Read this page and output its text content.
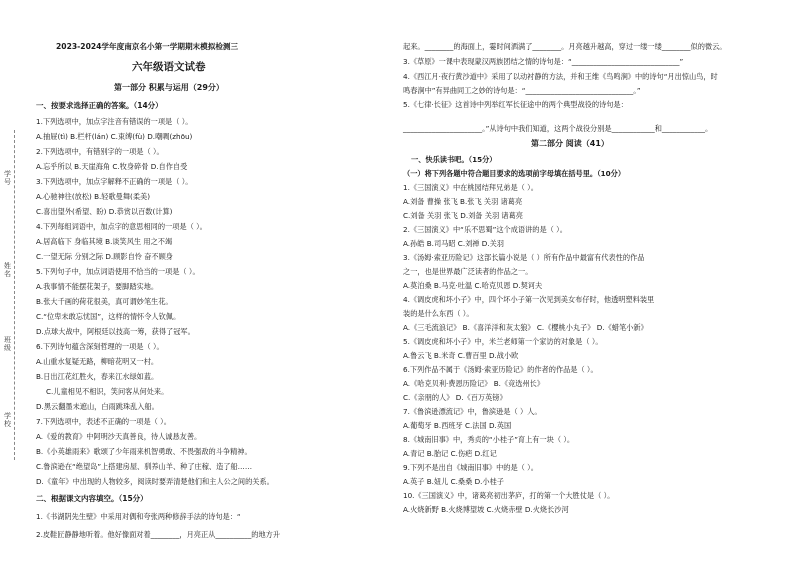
学号
姓名
班级
学校
2023-2024学年度南京名小第一学期期末模拟检测三
六年级语文试卷
第一部分 积累与运用（29分）
一、按要求选择正确的答案。（14分）
1.下列选项中，加点字注音有错误的一项是（ ）。
A.抽屉(tì) B.栏杆(lán) C.束缚(fù) D.嘲啁(zhōu)
2.下列选项中，有错别字的一项是（ ）。
A.忘乎所以 B.天崖海角 C.牧身碎骨 D.自作自受
3.下列选项中，加点字解释不正确的一项是（ ）。
A.心驰神往(放松) B.轻歌曼舞(柔美)
C.喜出望外(希望、盼) D.恭赏以百数(计算)
4.下列每组词语中，加点字的意思相同的一项是（ ）。
A.居高临下 身临其境 B.谈笑风生 用之不竭
C.一望无际 分别之际 D.顾影自怜 奋不顾身
5.下列句子中，加点词语使用不恰当的一项是（ ）。
A.我事情不能摆花架子，要脚踏实地。
B.张大千画的荷花很美，真可谓妙笔生花。
C.“位卑未敢忘忧国”，这样的情怀令人钦佩。
D.点球大战中，阿根廷以技高一筹，获得了冠军。
6.下列诗句蕴含深刻哲理的一项是（ ）。
A.山重水复疑无路，柳暗花明又一村。
B.日出江花红胜火，春来江水绿如蓝。
C.儿童相见不相识，笑问客从何处来。
D.黑云翻墨未遮山，白雨跳珠乱入船。
7.下列选项中，表述不正确的一项是（ ）。
A.《爱的教育》中阿明沙天真善良，待人诚恳友善。
B.《小英雄雨来》歌颂了少年雨来机智勇敢、不畏强敌的斗争精神。
C.鲁滨逊在“绝望岛”上搭建房屋、驯养山羊、种了庄稼、造了船……
D.《童年》中出现的人物较多，阅读时要弄清楚他们和主人公之间的关系。
二、根据课文内容填空。（15分）
1.《书湖阴先生壁》中采用对偶和夸张两种修辞手法的诗句是：“
2.皮鞋匠静静地听着。他好像面对着________，月亮正从__________的地方升
起来。________的海面上，霎时间洒满了________。月亮越升越高，穿过一缕一缕________似的微云。
3.《草原》一课中表现蒙汉两族团结之情的诗句是：“______________________________”
4.《西江月·夜行黄沙道中》采用了以动衬静的方法，并和王维《鸟鸣涧》中的诗句“月出惊山鸟，时
鸣春涧中”有异曲同工之妙的诗句是：“______________________________。”
5.《七律·长征》这首诗中列举红军长征途中的两个典型战役的诗句是：
______________________。”从诗句中我们知道，这两个战役分别是____________和____________。
第二部分 阅读（41）
一、快乐读书吧。（15分）
（一）将下列各题中符合题目要求的选项前字母填在括号里。（10分）
1.《三国演义》中在桃园结拜兄弟是（ ）。
A.刘备 曹操 张飞 B.张飞 关羽 诸葛亮
C.刘备 关羽 张飞 D.刘备 关羽 诸葛亮
2.《三国演义》中“乐不思蜀”这个成语讲的是（ ）。
A.孙皓 B.司马昭 C.刘禅 D.关羽
3.《汤姆·索亚历险记》这部长篇小说是（ ）所有作品中最富有代表性的作品
之一，也是世界最广泛读者的作品之一。
A.莫泊桑 B.马克·吐温 C.哈克贝恩 D.契诃夫
4.《调皮虎和坏小子》中，四个坏小子第一次见到美女布仔时，他透明塑料装里
装的是什么东西（ ）。
A.《三毛流浪记》 B.《喜洋洋和灰太狼》 C.《樱桃小丸子》 D.《蜡笔小新》
5.《调皮虎和坏小子》中，米兰老师第一个家访的对象是（ ）。
A.鲁云飞 B.米奇 C.曹百里 D.战小欧
6.下列作品不属于《汤姆·索亚历险记》的作者的作品是（ ）。
A.《哈克贝利·费恩历险记》 B.《竞选州长》
C.《亲朋的人》 D.《百万英镑》
7.《鲁滨逊漂流记》中，鲁滨逊是（ ）人。
A.葡萄牙 B.西班牙 C.法国 D.英国
8.《城南旧事》中，秀贞的“小桂子”育上有一块（ ）。
A.青记 B.胎记 C.伤疤 D.红记
9.下列不是出自《城南旧事》中的是（ ）。
A.英子 B.妞儿 C.桑桑 D.小桂子
10.《三国演义》中，诸葛亮初出茅庐，打的第一个大胜仗是（ ）。
A.火烧新野 B.火烧博望坡 C.火烧赤壁 D.火烧长沙河
